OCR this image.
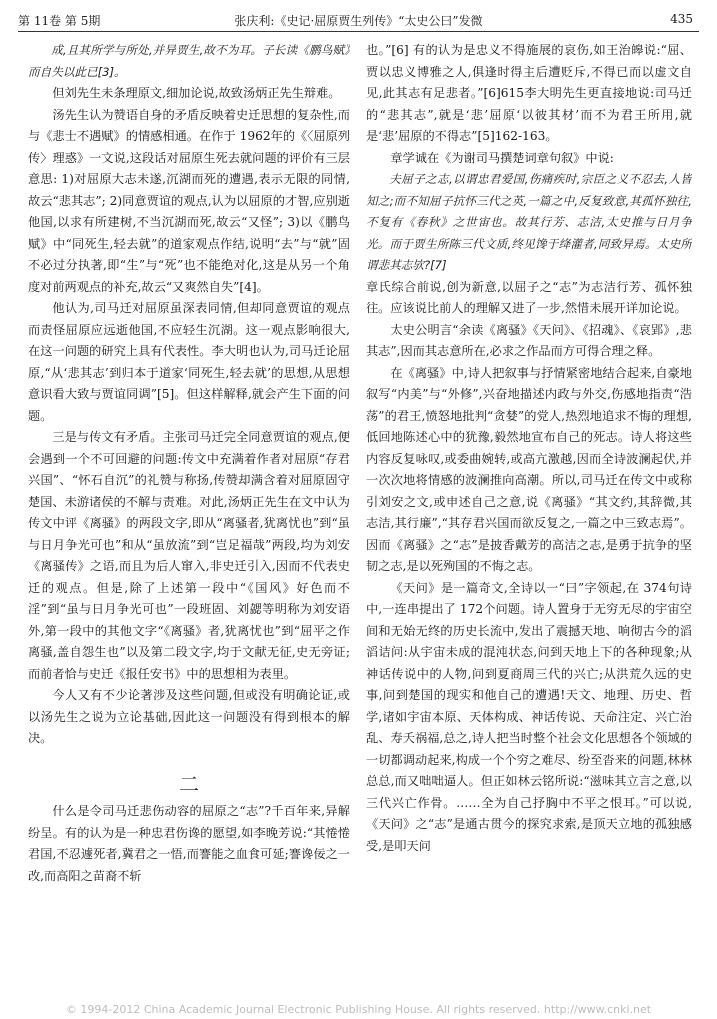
第 11卷 第 5期	张庆利:《史记·屈原贾生列传》“太史公曰”发微	435

成,且其所学与所处,并异贾生,故不为耳。子长读《鹏鸟赋》而自失以此已[3]。

但刘先生未条理原文,细加论说,故致汤炳正先生辩难。

汤先生认为赞语自身的矛盾反映着史迁思想的复杂性,而与《悲士不遇赋》的情感相通。在作于 1962年的《〈屈原列传〉理惑》一文说,这段话对屈原生死去就问题的评价有三层意思: 1)对屈原大志未遂,沉湖而死的遭遇,表示无限的同情,故云“悲其志”; 2)同意贾谊的观点,认为以屈原的才智,应别逝他国,以求有所建树,不当沉湖而死,故云“又怪”; 3)以《鹏鸟赋》中“同死生,轻去就”的道家观点作结,说明“去”与“就”固不必过分执著,即“生”与“死”也不能绝对化,这是从另一个角度对前两观点的补充,故云“又爽然自失”[4]。

他认为,司马迁对屈原虽深表同情,但却同意贾谊的观点而责怪屈原应远逝他国,不应轻生沉湖。这一观点影响很大,在这一问题的研究上具有代表性。李大明也认为,司马迁论屈原,“从‘悲其志’到归本于道家‘同死生,轻去就’的思想,从思想意识看大致与贾谊同调”[5]。但这样解释,就会产生下面的问题。

三是与传文有矛盾。主张司马迁完全同意贾谊的观点,便会遇到一个不可回避的问题:传文中充满着作者对屈原“存君兴国”、“怀石自沉”的礼赞与称扬,传赞却满含着对屈原固守楚国、未游诸侯的不解与责难。对此,汤炳正先生在文中认为传文中评《离骚》的两段文字,即从“离骚者,犹离忧也”到“虽与日月争光可也”和从“虽放流”到“岂足福哉”两段,均为刘安《离骚传》之语,而且为后人窜入,非史迁引入,因而不代表史迁的观点。但是,除了上述第一段中“《国风》好色而不淫”到“虽与日月争光可也”一段班固、刘勰等明称为刘安语外,第一段中的其他文字“《离骚》者,犹离忧也”到“屈平之作离骚,盖自怨生也”以及第二段文字,均于文献无征,史无旁证;而前者恰与史迁《报任安书》中的思想相为表里。

今人又有不少论著涉及这些问题,但或没有明确论证,或以汤先生之说为立论基础,因此这一问题没有得到根本的解决。

二

什么是令司马迁悲伤动容的屈原之“志”?千百年来,异解纷呈。有的认为是一种忠君伤谗的愿望,如李晚芳说:“其惓惓君国,不忍遽死者,冀君之一悟,而謇能之血食可延;謇谗佞之一改,而高阳之苗裔不斩

也。”[6] 有的认为是忠义不得施展的哀伤,如王治皞说:“屈、贾以忠义博雅之人,俱逢时得主后遭贬斥,不得已而以虚文自见,此其志有足悲者。”[6]615李大明先生更直接地说:司马迁的“悲其志”,就是‘悲’屈原‘以彼其材’而不为君王所用,就是‘悲’屈原的不得志”[5]162-163。

章学诚在《为谢司马撰楚词章句叙》中说:

夫屈子之志,以谓忠君爱国,伤痛疾时,宗臣之义不忍去,人皆知之;而不知屈子抗怀三代之英,一篇之中,反复致意,其孤怀独往,不复有《春秋》之世宙也。故其行芳、志洁,太史推与日月争光。而于贾生所陈三代文质,终见馋于绛灌者,同致异焉。太史所谓悲其志欤?[7]

章氏综合前说,创为新意,以屈子之“志”为志洁行芳、孤怀独往。应该说比前人的理解又进了一步,然惜未展开详加论说。

太史公明言“余读《离骚》《天问》、《招魂》、《哀郢》,悲其志”,因而其志意所在,必求之作品而方可得合理之释。

在《离骚》中,诗人把叙事与抒情紧密地结合起来,自豪地叙写“内美”与“外修”,兴奋地描述内政与外交,伤感地指责“浩荡”的君王,愤怒地批判“贪婪”的党人,热烈地追求不悔的理想,低回地陈述心中的犹豫,毅然地宣布自己的死志。诗人将这些内容反复咏叹,或委曲婉转,或高亢激越,因而全诗波澜起伏,并一次次地将情感的波澜推向高潮。所以,司马迁在传文中或称引刘安之文,或申述自己之意,说《离骚》“其文约,其辞微,其志洁,其行廉”,“其存君兴国而欲反复之,一篇之中三致志焉”。因而《离骚》之“志”是披香戴芳的高洁之志,是勇于抗争的坚韧之志,是以死殉国的不悔之志。

《天问》是一篇奇文,全诗以一“曰”字领起,在 374句诗中,一连串提出了 172个问题。诗人置身于无穷无尽的宇宙空间和无始无终的历史长流中,发出了震撼天地、响彻古今的滔滔诘问:从宇宙未成的混沌状态,问到天地上下的各种现象;从神话传说中的人物,问到夏商周三代的兴亡;从洪荒久远的史事,问到楚国的现实和他自己的遭遇!天文、地理、历史、哲学,诸如宇宙本原、天体构成、神话传说、天命注定、兴亡治乱、寿夭祸福,总之,诗人把当时整个社会文化思想各个领域的一切都调动起来,构成一个个穷之难尽、纷至沓来的问题,林林总总,而又咄咄逼人。但正如林云铭所说:“滋味其立言之意,以三代兴亡作骨。……全为自己抒胸中不平之恨耳。”可以说,《天问》之“志”是通古贯今的探究求索,是顶天立地的孤独感受,是叩天问

© 1994-2012 China Academic Journal Electronic Publishing House. All rights reserved. http://www.cnki.net
